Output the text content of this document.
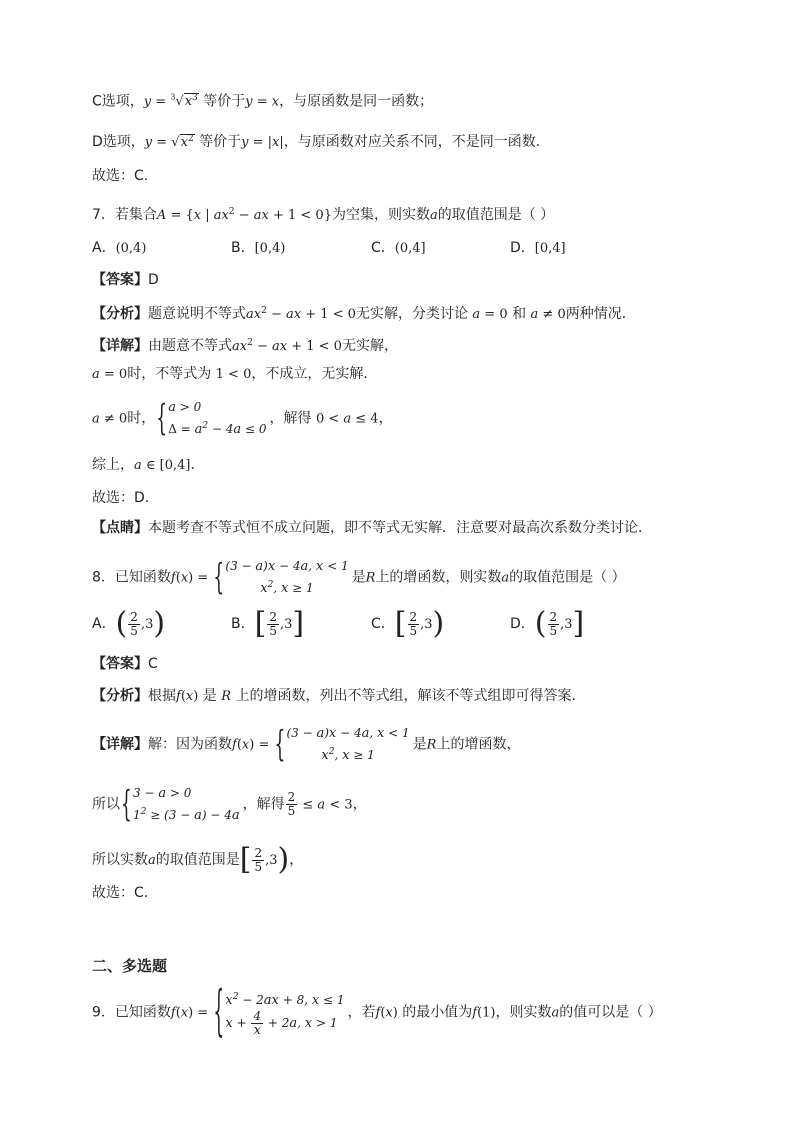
C选项，$y = ^3√x^3$ 等价于y = x，与原函数是同一函数；
D选项，$y = √x^2$ 等价于y = |x|，与原函数对应关系不同，不是同一函数.
故选：C.
7．若集合A = {x | $ax^2$ − ax + 1 < 0}为空集，则实数a的取值范围是（ ）
A．(0,4)	B．[0,4)	C．(0,4]	D．[0,4]
【答案】D
【分析】题意说明不等式$ax^2$ − ax + 1 < 0无实解，分类讨论 a = 0 和 a ≠ 0两种情况．
【详解】由题意不等式$ax^2$ − ax + 1 < 0无实解，
a = 0时，不等式为 1 < 0，不成立，无实解．
a ≠ 0时，
{ a > 0
$\Delta = a^2 - 4a \le 0$
，解得 0 < a ≤ 4，
综上，a ∈ [0,4]．
故选：D.
【点睛】本题考查不等式恒不成立问题，即不等式无实解．注意要对最高次系数分类讨论．
8．已知函数f(x) =
{ (3 − a)x − 4a, x < 1
$x^2$, x ≥ 1
是R上的增函数，则实数a的取值范围是（ ）
A．( $\frac{2}{5} ,3$)	B．[ $\frac{2}{5} ,3$]	C．[ $\frac{2}{5} ,3$)	D．( $\frac{2}{5} ,3$]
【答案】C
【分析】根据f(x) 是 R 上的增函数，列出不等式组，解该不等式组即可得答案．
【详解】解：因为函数f(x) =
{ (3 − a)x − 4a, x < 1
$x^2$, x ≥ 1
是R上的增函数，
所以
{ 3 − a > 0
$1^2 \ge (3 - a) - 4a$
，解得 $\frac{2}{5} \le a < 3$，
所以实数a的取值范围是[ $\frac{2}{5} ,3$)，
故选：C.
二、多选题
9．已知函数f(x) =
{ $x^2 - 2ax + 8$, x ≤ 1
$x + \frac{4}{x} + 2a$, x > 1
，若f(x) 的最小值为f(1)，则实数a的值可以是（ ）
